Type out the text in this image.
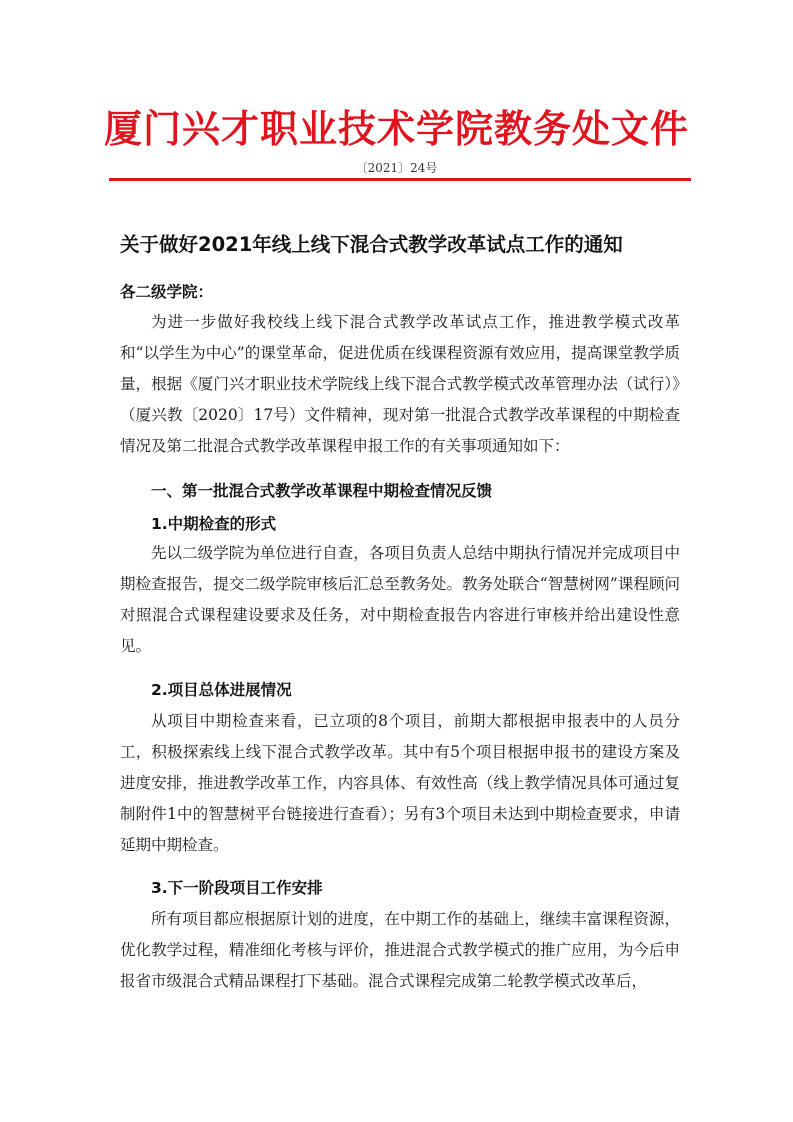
厦门兴才职业技术学院教务处文件
〔2021〕24号
关于做好2021年线上线下混合式教学改革试点工作的通知
各二级学院：
为进一步做好我校线上线下混合式教学改革试点工作，推进教学模式改革和“以学生为中心”的课堂革命，促进优质在线课程资源有效应用，提高课堂教学质量，根据《厦门兴才职业技术学院线上线下混合式教学模式改革管理办法（试行）》（厦兴教〔2020〕17号）文件精神，现对第一批混合式教学改革课程的中期检查情况及第二批混合式教学改革课程申报工作的有关事项通知如下：
一、第一批混合式教学改革课程中期检查情况反馈
1.中期检查的形式
先以二级学院为单位进行自查，各项目负责人总结中期执行情况并完成项目中期检查报告，提交二级学院审核后汇总至教务处。教务处联合“智慧树网”课程顾问对照混合式课程建设要求及任务，对中期检查报告内容进行审核并给出建设性意见。
2.项目总体进展情况
从项目中期检查来看，已立项的8个项目，前期大都根据申报表中的人员分工，积极探索线上线下混合式教学改革。其中有5个项目根据申报书的建设方案及进度安排，推进教学改革工作，内容具体、有效性高（线上教学情况具体可通过复制附件1中的智慧树平台链接进行查看）；另有3个项目未达到中期检查要求，申请延期中期检查。
3.下一阶段项目工作安排
所有项目都应根据原计划的进度，在中期工作的基础上，继续丰富课程资源，优化教学过程，精准细化考核与评价，推进混合式教学模式的推广应用，为今后申报省市级混合式精品课程打下基础。混合式课程完成第二轮教学模式改革后，
